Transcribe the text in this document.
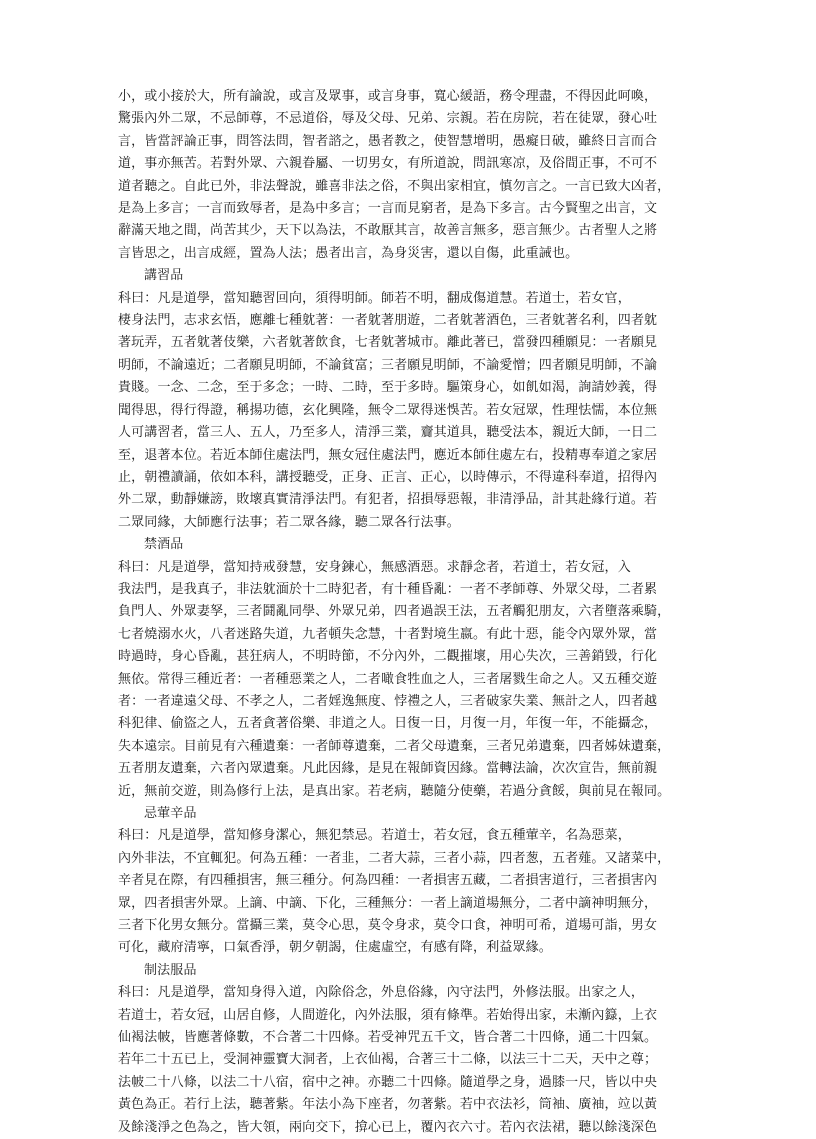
小，或小接於大，所有論說，或言及眾事，或言身事，寬心緩語，務令理盡，不得因此呵喚，

驚張內外二眾，不忌師尊，不忌道俗，辱及父母、兄弟、宗親。若在房院，若在徒眾，發心吐

言，皆當評論正事，問答法問，智者諮之，愚者教之，使智慧增明，愚癡日破，雖終日言而合

道，事亦無苦。若對外眾、六親眷屬、一切男女，有所道說，問訊寒凉，及俗間正事，不可不

道者聽之。自此已外，非法聲說，雖喜非法之俗，不與出家相宜，慎勿言之。一言已致大凶者，

是為上多言；一言而致辱者，是為中多言；一言而見窮者，是為下多言。古今賢聖之出言，文

辭滿天地之間，尚苦其少，天下以為法，不敢厭其言，故善言無多，惡言無少。古者聖人之將

言皆思之，出言成經，置為人法；愚者出言，為身災害，還以自傷，此重誡也。

講習品

科曰：凡是道學，當知聽習回向，須得明師。師若不明，翻成傷道慧。若道士，若女官，

棲身法門，志求玄悟，應離七種躭著：一者躭著朋遊，二者躭著酒色，三者躭著名利，四者躭

著玩弄，五者躭著伎樂，六者躭著飲食，七者躭著城市。離此著已，當發四種願見：一者願見

明師，不論遠近；二者願見明師，不論貧富；三者願見明師，不論愛憎；四者願見明師，不論

貴賤。一念、二念，至于多念；一時、二時，至于多時。驅策身心，如飢如渴，詢請妙義，得

聞得思，得行得證，稱揚功德，玄化興隆，無令二眾得迷悞苦。若女冠眾，性理怯懦，本位無

人可講習者，當三人、五人，乃至多人，清淨三業，齎其道具，聽受法本，親近大師，一日二

至，退著本位。若近本師住處法門，無女冠住處法門，應近本師住處左右，投精專奉道之家居

止，朝禮讀誦，依如本科，講授聽受，正身、正言、正心，以時傳示，不得違科奉道，招得內

外二眾，動靜嫌謗，敗壞真實清淨法門。有犯者，招損辱惡報，非清淨品，計其赴緣行道。若

二眾同緣，大師應行法事；若二眾各緣，聽二眾各行法事。

禁酒品

科曰：凡是道學，當知持戒發慧，安身鍊心，無感酒惡。求靜念者，若道士，若女冠，入

我法門，是我真子，非法躭湎於十二時犯者，有十種昏亂：一者不孝師尊、外眾父母，二者累

負門人、外眾妻孥，三者鬪亂同學、外眾兄弟，四者過誤王法，五者觸犯朋友，六者墮落乘騎，

七者燒溺水火，八者迷路失道，九者頓失念慧，十者對境生嬴。有此十惡，能令內眾外眾，當

時過時，身心昏亂，甚狂病人，不明時節，不分內外，二觀摧壞，用心失次，三善銷毀，行化

無依。常得三種近者：一者種惡業之人，二者噉食牲血之人，三者屠戮生命之人。又五種交遊

者：一者違遠父母、不孝之人，二者婬逸無度、悖禮之人，三者破家失業、無計之人，四者越

科犯律、偷盜之人，五者貪著俗樂、非道之人。日復一日，月復一月，年復一年，不能攝念，

失本遠宗。目前見有六種遺棄：一者師尊遺棄，二者父母遺棄，三者兄弟遺棄，四者姊妹遺棄，

五者朋友遺棄，六者內眾遺棄。凡此因緣，是見在報師資因緣。當轉法論，次次宣告，無前親

近，無前交遊，則為修行上法，是真出家。若老病，聽隨分使藥，若過分貪餒，與前見在報同。

忌葷辛品

科曰：凡是道學，當知修身潔心，無犯禁忌。若道士，若女冠，食五種葷辛，名為惡菜，

內外非法，不宜輒犯。何為五種：一者韭，二者大蒜，三者小蒜，四者葱，五者薤。又諸菜中，

辛者見在際，有四種損害，無三種分。何為四種：一者損害五藏，二者損害道行，三者損害內

眾，四者損害外眾。上謫、中謫、下化，三種無分：一者上謫道場無分，二者中謫神明無分，

三者下化男女無分。當攝三業，莫令心思，莫令身求，莫令口食，神明可希，道場可詣，男女

可化，藏府清寧，口氣香淨，朝夕朝謁，住處虛空，有感有降，利益眾緣。

制法服品

科曰：凡是道學，當知身得入道，內除俗念，外息俗緣，內守法門，外修法服。出家之人，

若道士，若女冠，山居自修，人間遊化，內外法服，須有條準。若始得出家，未漸內籙，上衣

仙褐法帔，皆應著條數，不合著二十四條。若受神咒五千文，皆合著二十四條，通二十四氣。

若年二十五已上，受洞神靈寶大洞者，上衣仙褐，合著三十二條，以法三十二天，天中之尊；

法帔二十八條，以法二十八宿，宿中之神。亦聽二十四條。隨道學之身，過膝一尺，皆以中央

黃色為正。若行上法，聽著紫。年法小為下座者，勿著紫。若中衣法衫，筒袖、廣袖，竝以黃

及餘淺淨之色為之，皆大領，兩向交下，揜心已上，覆內衣六寸。若內衣法裙，聽以餘淺深色
